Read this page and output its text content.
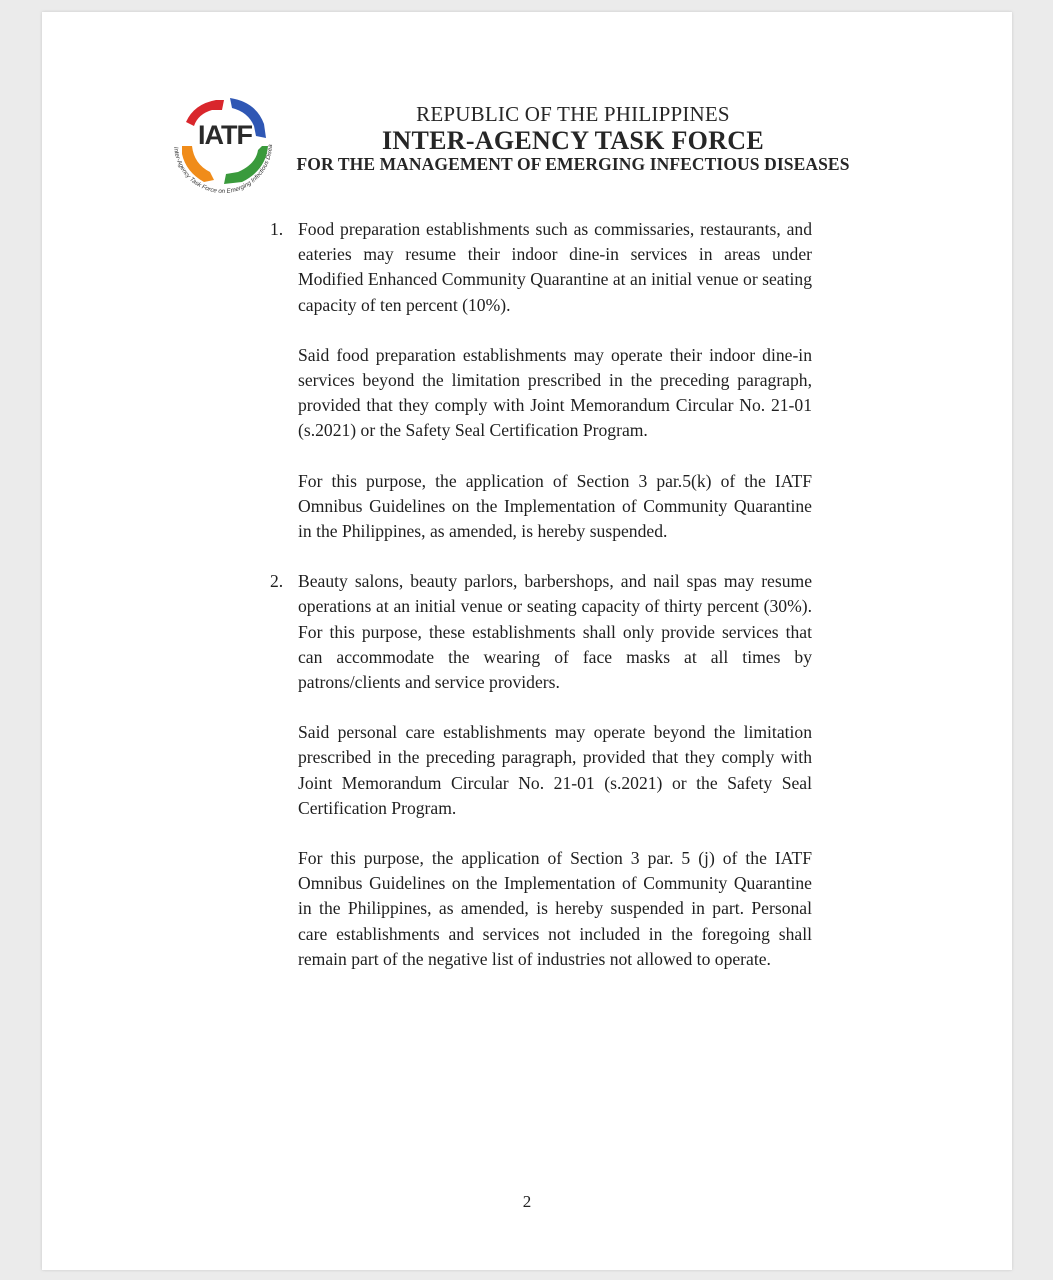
Inter-Agency Task Force on Emerging Infectious Disea
IATF
REPUBLIC OF THE PHILIPPINES
INTER-AGENCY TASK FORCE
FOR THE MANAGEMENT OF EMERGING INFECTIOUS DISEASES
1. Food preparation establishments such as commissaries, restaurants, and eateries may resume their indoor dine-in services in areas under Modified Enhanced Community Quarantine at an initial venue or seating capacity of ten percent (10%).

Said food preparation establishments may operate their indoor dine-in services beyond the limitation prescribed in the preceding paragraph, provided that they comply with Joint Memorandum Circular No. 21-01 (s.2021) or the Safety Seal Certification Program.

For this purpose, the application of Section 3 par.5(k) of the IATF Omnibus Guidelines on the Implementation of Community Quarantine in the Philippines, as amended, is hereby suspended.

2. Beauty salons, beauty parlors, barbershops, and nail spas may resume operations at an initial venue or seating capacity of thirty percent (30%). For this purpose, these establishments shall only provide services that can accommodate the wearing of face masks at all times by patrons/clients and service providers.

Said personal care establishments may operate beyond the limitation prescribed in the preceding paragraph, provided that they comply with Joint Memorandum Circular No. 21-01 (s.2021) or the Safety Seal Certification Program.

For this purpose, the application of Section 3 par. 5 (j) of the IATF Omnibus Guidelines on the Implementation of Community Quarantine in the Philippines, as amended, is hereby suspended in part. Personal care establishments and services not included in the foregoing shall remain part of the negative list of industries not allowed to operate.

2
